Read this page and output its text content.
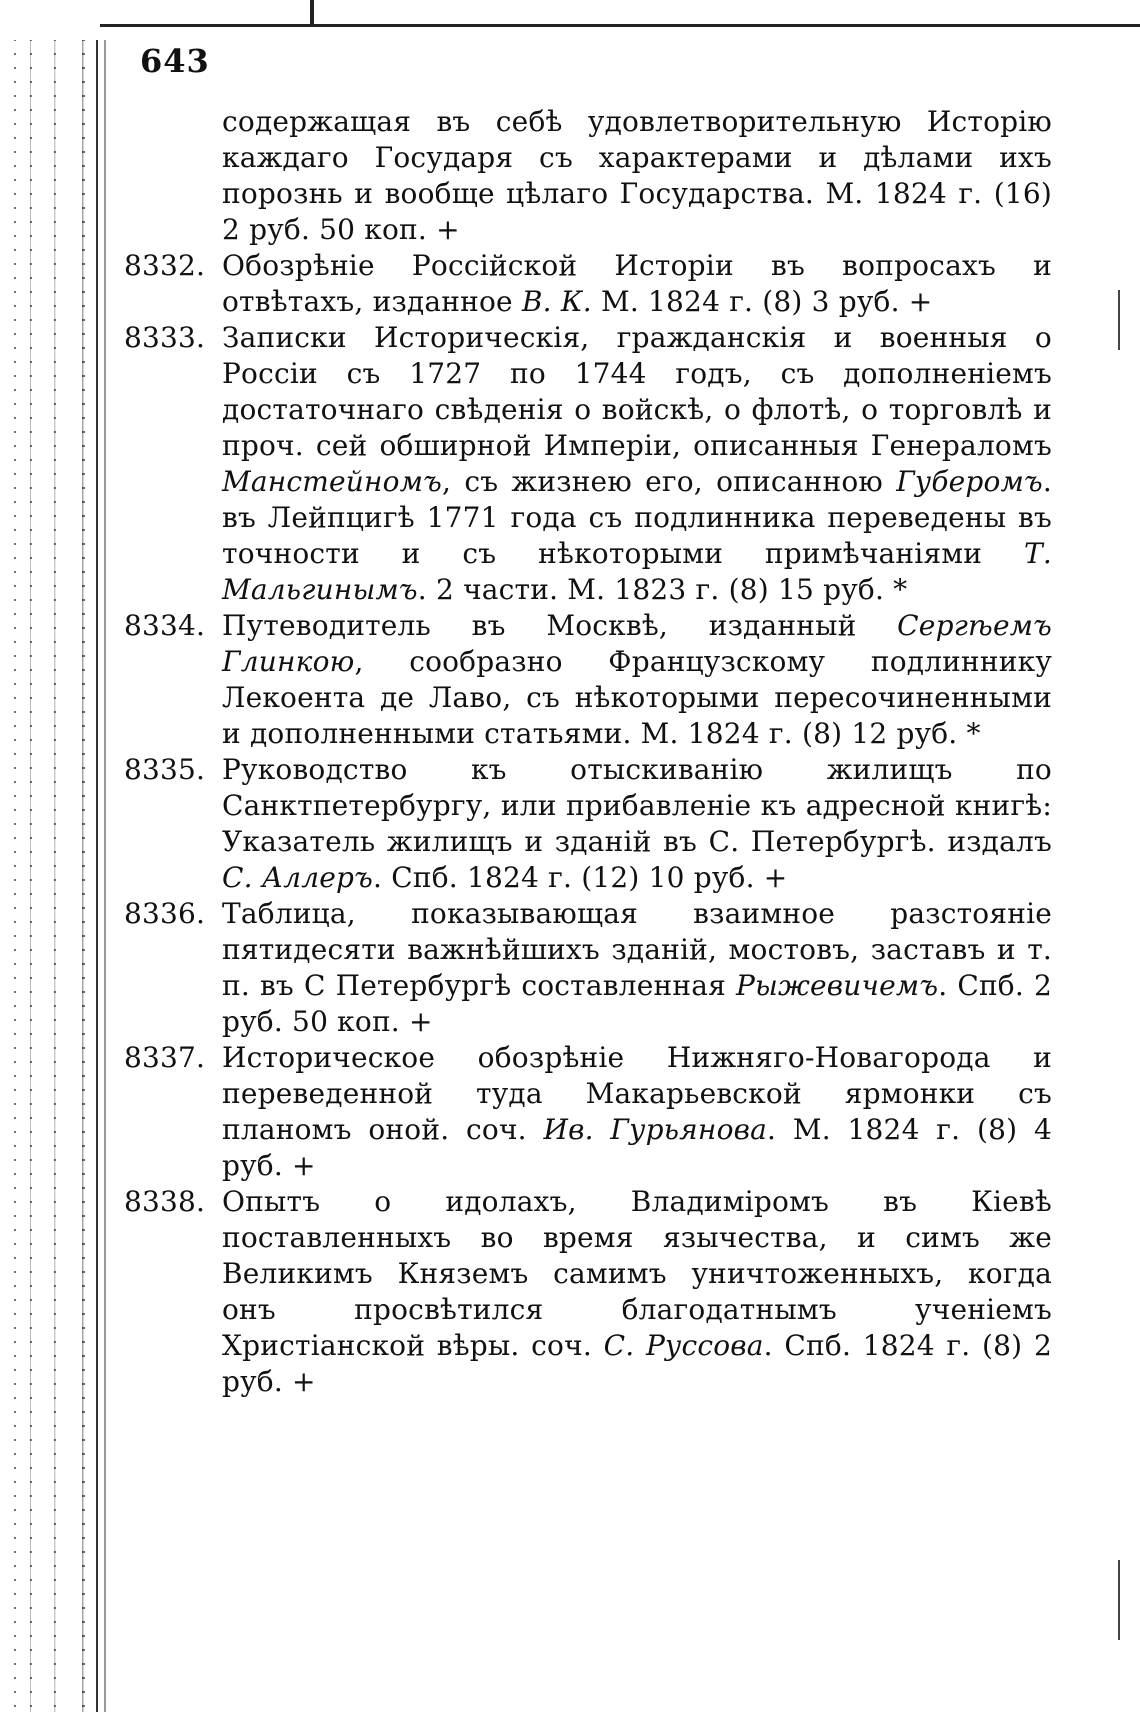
643
содержащая въ себѣ удовлетворительную Исторію каждаго Государя съ характерами и дѣлами ихъ порознь и вообще цѣлаго Государства. М. 1824 г. (16) 2 руб. 50 коп. +
8332. Обозрѣніе Россійской Исторіи въ вопросахъ и отвѣтахъ, изданное В. К. М. 1824 г. (8) 3 руб. +
8333. Записки Историческія, гражданскія и военныя о Россіи съ 1727 по 1744 годъ, съ дополненіемъ достаточнаго свѣденія о войскѣ, о флотѣ, о торговлѣ и проч. сей обширной Имперіи, описанныя Генераломъ Манстейномъ, съ жизнею его, описанною Губеромъ. въ Лейпцигѣ 1771 года съ подлинника переведены въ точности и съ нѣкоторыми примѣчаніями Т. Мальгинымъ. 2 части. М. 1823 г. (8) 15 руб. *
8334. Путеводитель въ Москвѣ, изданный Сергѣемъ Глинкою, сообразно Французскому подлиннику Лекоента де Лаво, съ нѣкоторыми пересочиненными и дополненными статьями. М. 1824 г. (8) 12 руб. *
8335. Руководство къ отыскиванію жилищъ по Санктпетербургу, или прибавленіе къ адресной книгѣ: Указатель жилищъ и зданій въ С. Петербургѣ. издалъ С. Аллеръ. Спб. 1824 г. (12) 10 руб. +
8336. Таблица, показывающая взаимное разстояніе пятидесяти важнѣйшихъ зданій, мостовъ, заставъ и т. п. въ С Петербургѣ составленная Рыжевичемъ. Спб. 2 руб. 50 коп. +
8337. Историческое обозрѣніе Нижняго-Новагорода и переведенной туда Макарьевской ярмонки съ планомъ оной. соч. Ив. Гурьянова. М. 1824 г. (8) 4 руб. +
8338. Опытъ о идолахъ, Владиміромъ въ Кіевѣ поставленныхъ во время язычества, и симъ же Великимъ Княземъ самимъ уничтоженныхъ, когда онъ просвѣтился благодатнымъ ученіемъ Христіанской вѣры. соч. С. Руссова. Спб. 1824 г. (8) 2 руб. +
